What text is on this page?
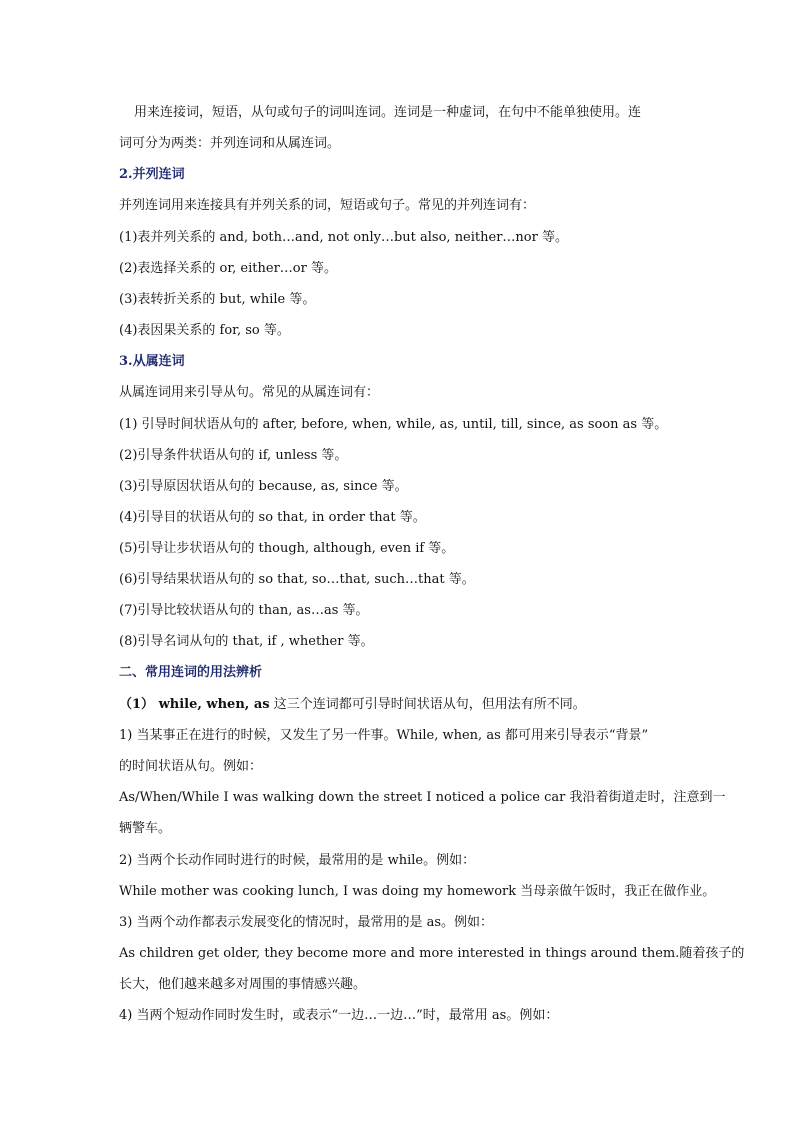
用来连接词，短语，从句或句子的词叫连词。连词是一种虚词，在句中不能单独使用。连
词可分为两类：并列连词和从属连词。
2.并列连词
并列连词用来连接具有并列关系的词，短语或句子。常见的并列连词有：
(1)表并列关系的 and, both…and, not only…but also, neither…nor 等。
(2)表选择关系的 or, either…or 等。
(3)表转折关系的 but, while 等。
(4)表因果关系的 for, so 等。
3.从属连词
从属连词用来引导从句。常见的从属连词有：
(1) 引导时间状语从句的 after, before, when, while, as, until, till, since, as soon as 等。
(2)引导条件状语从句的 if, unless 等。
(3)引导原因状语从句的 because, as, since 等。
(4)引导目的状语从句的 so that, in order that 等。
(5)引导让步状语从句的 though, although, even if 等。
(6)引导结果状语从句的 so that, so…that, such…that 等。
(7)引导比较状语从句的 than, as…as 等。
(8)引导名词从句的 that, if , whether 等。
二、常用连词的用法辨析
（1） while, when, as 这三个连词都可引导时间状语从句，但用法有所不同。
1) 当某事正在进行的时候，又发生了另一件事。While, when, as 都可用来引导表示“背景”
的时间状语从句。例如：
As/When/While I was walking down the street I noticed a police car 我沿着街道走时，注意到一
辆警车。
2) 当两个长动作同时进行的时候，最常用的是 while。例如：
While mother was cooking lunch, I was doing my homework 当母亲做午饭时，我正在做作业。
3) 当两个动作都表示发展变化的情况时，最常用的是 as。例如：
As children get older, they become more and more interested in things around them.随着孩子的
长大，他们越来越多对周围的事情感兴趣。
4) 当两个短动作同时发生时，或表示“一边…一边…”时，最常用 as。例如：
